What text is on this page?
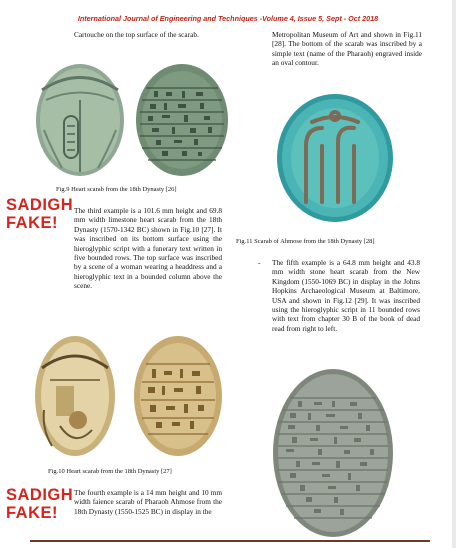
International Journal of Engineering and Techniques -Volume 4, Issue 5, Sept - Oct 2018
Cartouche on the top surface of the scarab.
Fig.9 Heart scarab from the 18th Dynasty [26]
SADIGH
FAKE!
The third example is a 101.6 mm height and 69.8 mm width limestone heart scarab from the 18th Dynasty (1570-1342 BC) shown in Fig.10 [27]. It was inscribed on its bottom surface using the hieroglyphic script with a funerary text written in five bounded rows. The top surface was inscribed by a scene of a woman wearing a headdress and a hieroglyphic text in a bounded column above the scene.
Fig.10 Heart scarab from the 18th Dynasty [27]
SADIGH
FAKE!
The fourth example is a 14 mm height and 10 mm width faience scarab of Pharaoh Ahmose from the 18th Dynasty (1550-1525 BC) in display in the
Metropolitan Museum of Art and shown in Fig.11 [28]. The bottom of the scarab was inscribed by a simple text (name of the Pharaoh) engraved inside an oval contour.
Fig.11 Scarab of Ahmose from the 18th Dynasty [28]
-	The fifth example is a 64.8 mm height and 43.8 mm width stone heart scarab from the New Kingdom (1550-1069 BC) in display in the Johns Hopkins Archaeological Museum at Baltimore, USA and shown in Fig.12 [29]. It was inscribed using the hieroglyphic script in 11 bounded rows with text from chapter 30 B of the book of dead read from right to left.
